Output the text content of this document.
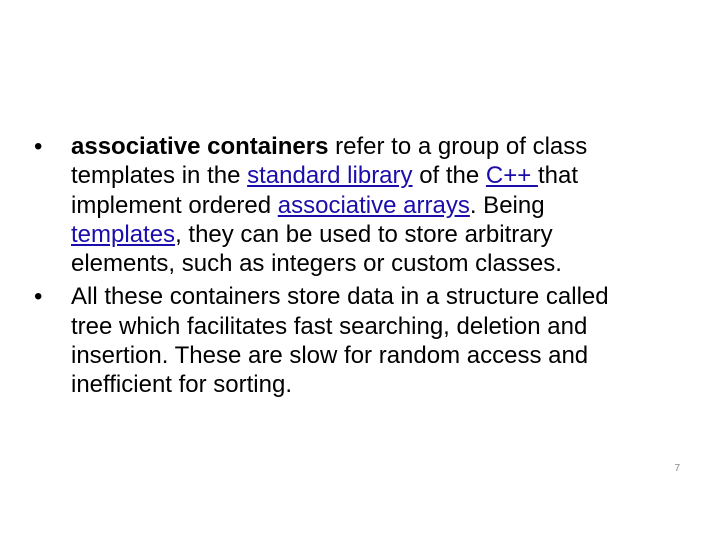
•	associative containers refer to a group of class templates in the standard library of the C++ that implement ordered associative arrays. Being templates, they can be used to store arbitrary elements, such as integers or custom classes.
•	All these containers store data in a structure called tree which facilitates fast searching, deletion and insertion. These are slow for random access and inefficient for sorting.
7
